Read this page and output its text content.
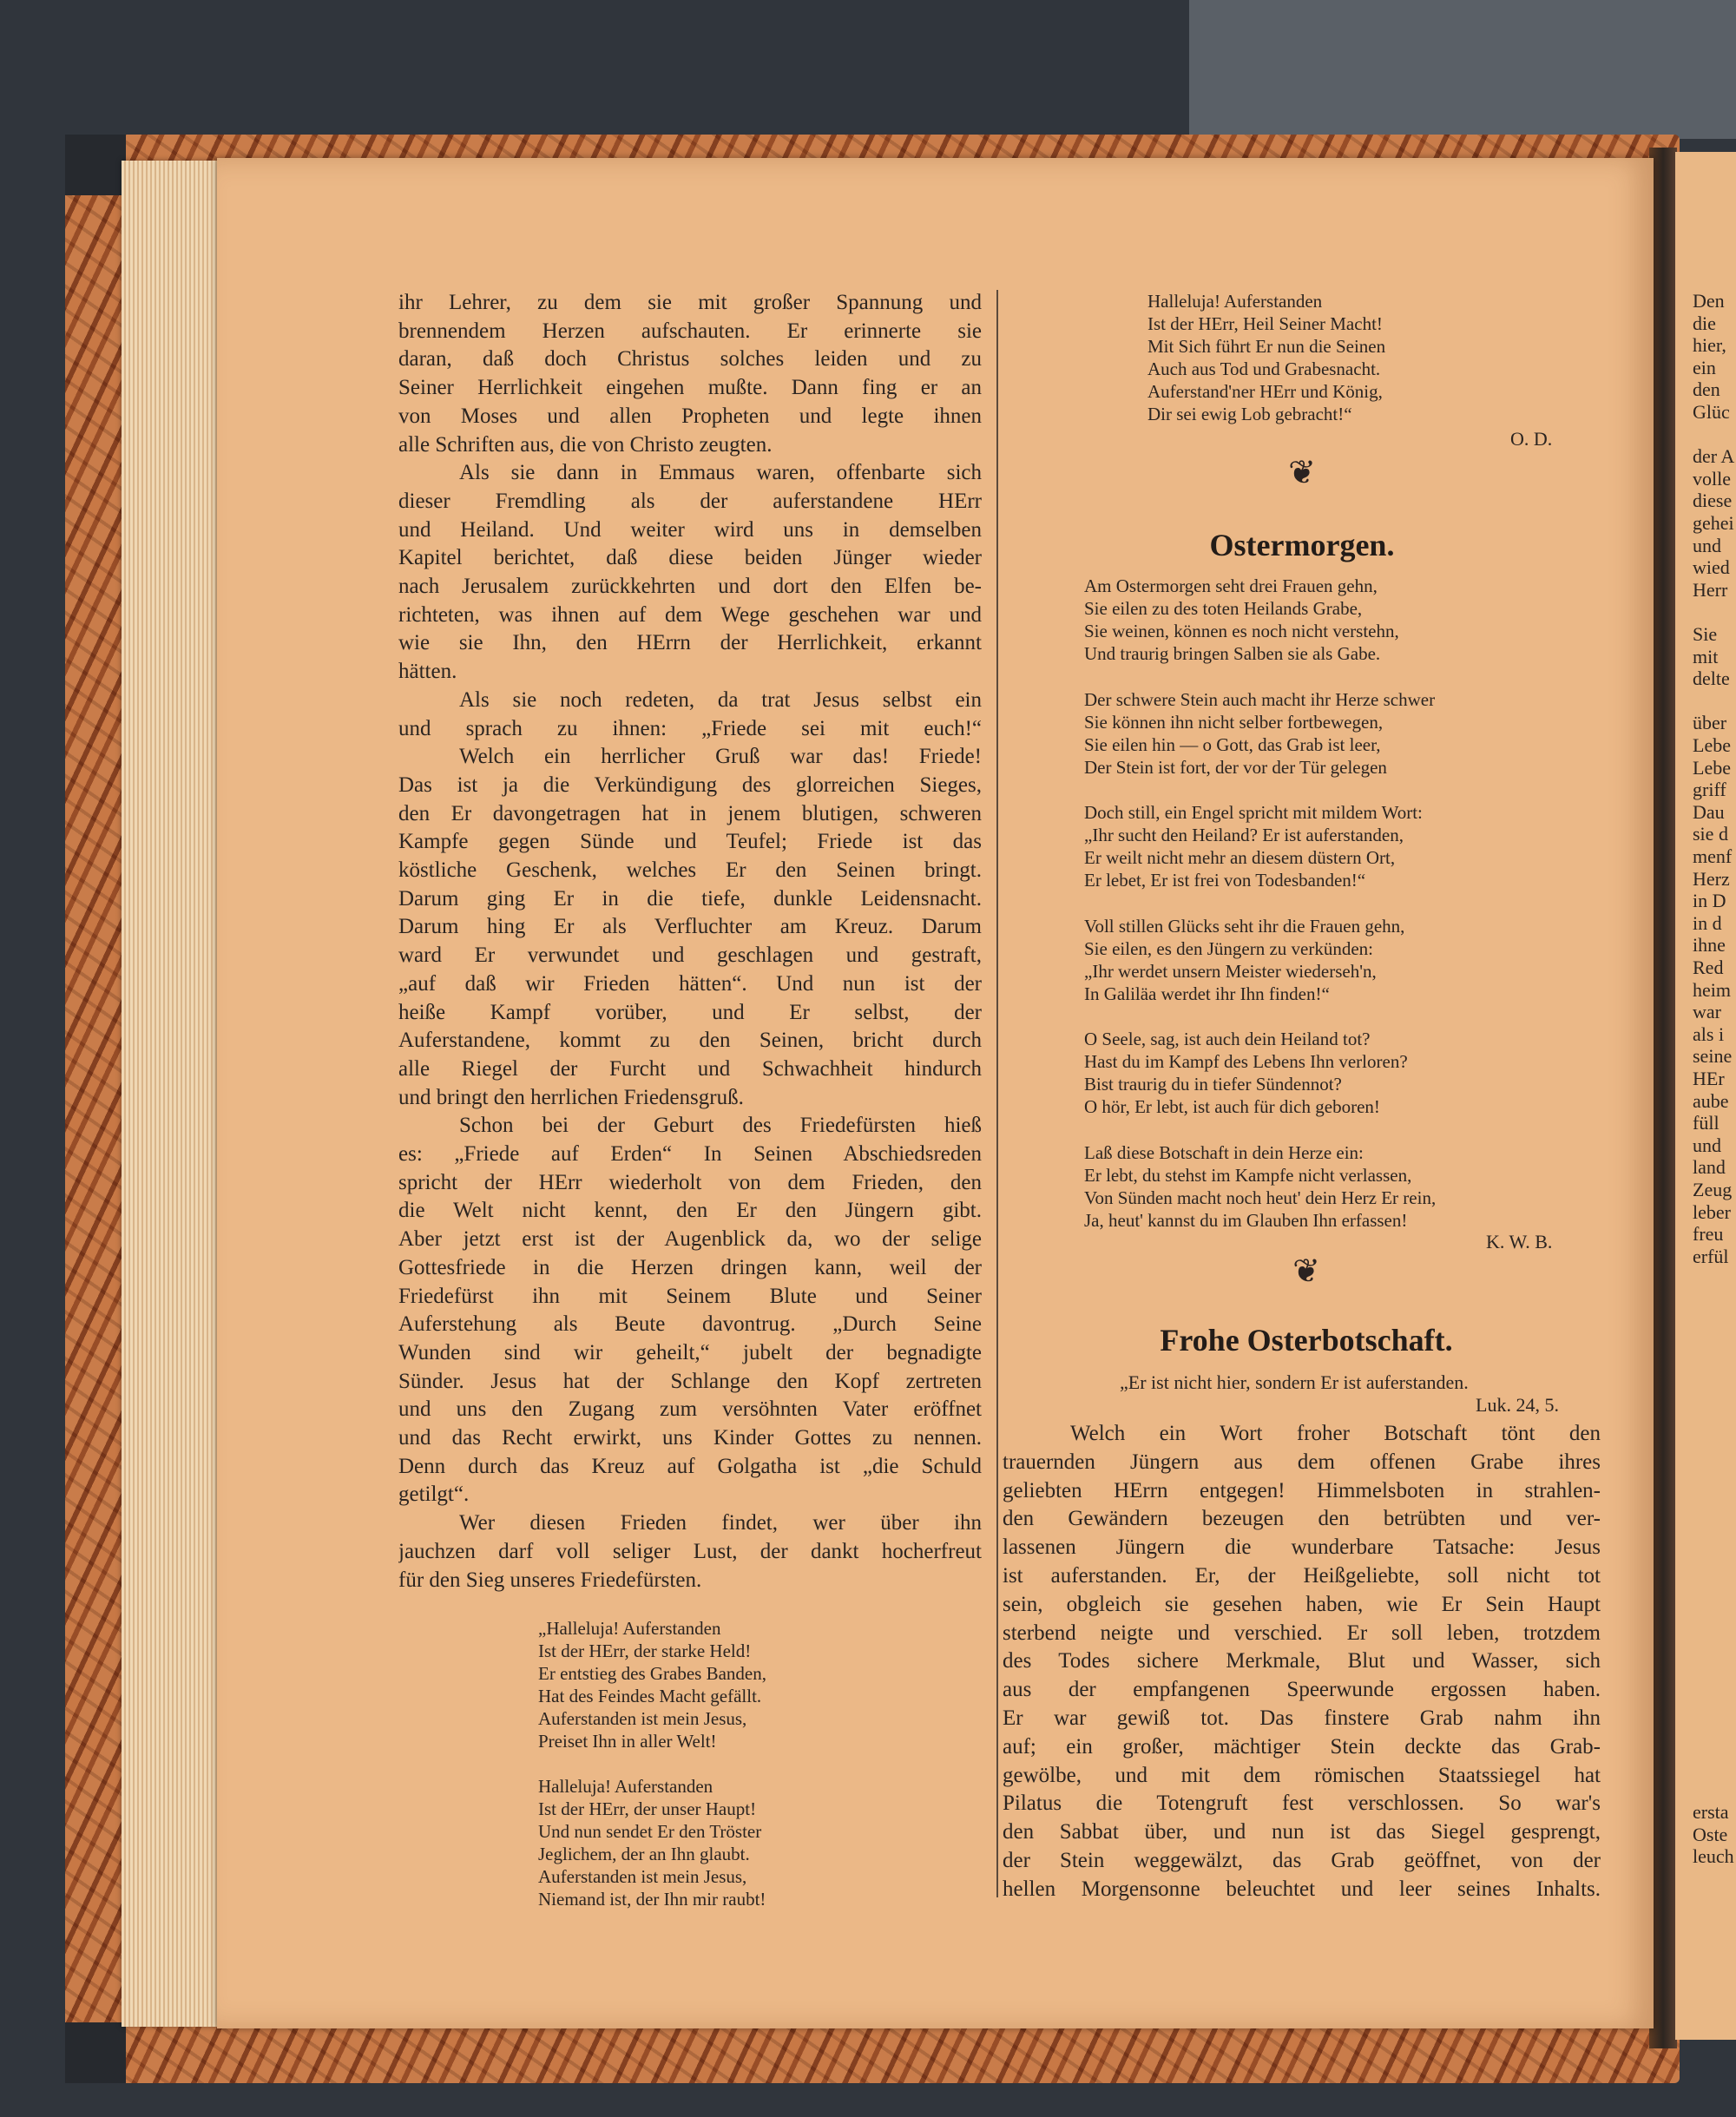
ihr Lehrer, zu dem sie mit großer Spannung und
brennendem Herzen aufschauten. Er erinnerte sie
daran, daß doch Christus solches leiden und zu
Seiner Herrlichkeit eingehen mußte. Dann fing er an
von Moses und allen Propheten und legte ihnen
alle Schriften aus, die von Christo zeugten.
Als sie dann in Emmaus waren, offenbarte sich
dieser Fremdling als der auferstandene HErr
und Heiland. Und weiter wird uns in demselben
Kapitel berichtet, daß diese beiden Jünger wieder
nach Jerusalem zurückkehrten und dort den Elfen be-
richteten, was ihnen auf dem Wege geschehen war und
wie sie Ihn, den HErrn der Herrlichkeit, erkannt
hätten.
Als sie noch redeten, da trat Jesus selbst ein
und sprach zu ihnen: „Friede sei mit euch!“
Welch ein herrlicher Gruß war das! Friede!
Das ist ja die Verkündigung des glorreichen Sieges,
den Er davongetragen hat in jenem blutigen, schweren
Kampfe gegen Sünde und Teufel; Friede ist das
köstliche Geschenk, welches Er den Seinen bringt.
Darum ging Er in die tiefe, dunkle Leidensnacht.
Darum hing Er als Verfluchter am Kreuz. Darum
ward Er verwundet und geschlagen und gestraft,
„auf daß wir Frieden hätten“. Und nun ist der
heiße Kampf vorüber, und Er selbst, der
Auferstandene, kommt zu den Seinen, bricht durch
alle Riegel der Furcht und Schwachheit hindurch
und bringt den herrlichen Friedensgruß.
Schon bei der Geburt des Friedefürsten hieß
es: „Friede auf Erden“ In Seinen Abschiedsreden
spricht der HErr wiederholt von dem Frieden, den
die Welt nicht kennt, den Er den Jüngern gibt.
Aber jetzt erst ist der Augenblick da, wo der selige
Gottesfriede in die Herzen dringen kann, weil der
Friedefürst ihn mit Seinem Blute und Seiner
Auferstehung als Beute davontrug. „Durch Seine
Wunden sind wir geheilt,“ jubelt der begnadigte
Sünder. Jesus hat der Schlange den Kopf zertreten
und uns den Zugang zum versöhnten Vater eröffnet
und das Recht erwirkt, uns Kinder Gottes zu nennen.
Denn durch das Kreuz auf Golgatha ist „die Schuld
getilgt“.
Wer diesen Frieden findet, wer über ihn
jauchzen darf voll seliger Lust, der dankt hocherfreut
für den Sieg unseres Friedefürsten.
„Halleluja! Auferstanden
Ist der HErr, der starke Held!
Er entstieg des Grabes Banden,
Hat des Feindes Macht gefällt.
Auferstanden ist mein Jesus,
Preiset Ihn in aller Welt!
Halleluja! Auferstanden
Ist der HErr, der unser Haupt!
Und nun sendet Er den Tröster
Jeglichem, der an Ihn glaubt.
Auferstanden ist mein Jesus,
Niemand ist, der Ihn mir raubt!
Halleluja! Auferstanden
Ist der HErr, Heil Seiner Macht!
Mit Sich führt Er nun die Seinen
Auch aus Tod und Grabesnacht.
Auferstand'ner HErr und König,
Dir sei ewig Lob gebracht!“
O. D.
❦
Ostermorgen.
Am Ostermorgen seht drei Frauen gehn,
Sie eilen zu des toten Heilands Grabe,
Sie weinen, können es noch nicht verstehn,
Und traurig bringen Salben sie als Gabe.
Der schwere Stein auch macht ihr Herze schwer
Sie können ihn nicht selber fortbewegen,
Sie eilen hin — o Gott, das Grab ist leer,
Der Stein ist fort, der vor der Tür gelegen
Doch still, ein Engel spricht mit mildem Wort:
„Ihr sucht den Heiland? Er ist auferstanden,
Er weilt nicht mehr an diesem düstern Ort,
Er lebet, Er ist frei von Todesbanden!“
Voll stillen Glücks seht ihr die Frauen gehn,
Sie eilen, es den Jüngern zu verkünden:
„Ihr werdet unsern Meister wiederseh'n,
In Galiläa werdet ihr Ihn finden!“
O Seele, sag, ist auch dein Heiland tot?
Hast du im Kampf des Lebens Ihn verloren?
Bist traurig du in tiefer Sündennot?
O hör, Er lebt, ist auch für dich geboren!
Laß diese Botschaft in dein Herze ein:
Er lebt, du stehst im Kampfe nicht verlassen,
Von Sünden macht noch heut' dein Herz Er rein,
Ja, heut' kannst du im Glauben Ihn erfassen!
K. W. B.
❦
Frohe Osterbotschaft.
„Er ist nicht hier, sondern Er ist auferstanden.
Luk. 24, 5.
Welch ein Wort froher Botschaft tönt den
trauernden Jüngern aus dem offenen Grabe ihres
geliebten HErrn entgegen! Himmelsboten in strahlen-
den Gewändern bezeugen den betrübten und ver-
lassenen Jüngern die wunderbare Tatsache: Jesus
ist auferstanden. Er, der Heißgeliebte, soll nicht tot
sein, obgleich sie gesehen haben, wie Er Sein Haupt
sterbend neigte und verschied. Er soll leben, trotzdem
des Todes sichere Merkmale, Blut und Wasser, sich
aus der empfangenen Speerwunde ergossen haben.
Er war gewiß tot. Das finstere Grab nahm ihn
auf; ein großer, mächtiger Stein deckte das Grab-
gewölbe, und mit dem römischen Staatssiegel hat
Pilatus die Totengruft fest verschlossen. So war's
den Sabbat über, und nun ist das Siegel gesprengt,
der Stein weggewälzt, das Grab geöffnet, von der
hellen Morgensonne beleuchtet und leer seines Inhalts.
Den
die
hier,
ein
den
Glüc
der A
volle
diese
gehei
und
wied
Herr
Sie
mit
delte
über
Lebe
Lebe
griff
Dau
sie d
menf
Herz
in D
in d
ihne
Red
heim
war
als i
seine
HEr
aube
füll
und
land
Zeug
leber
freu
erfül
ersta
Oste
leuch
